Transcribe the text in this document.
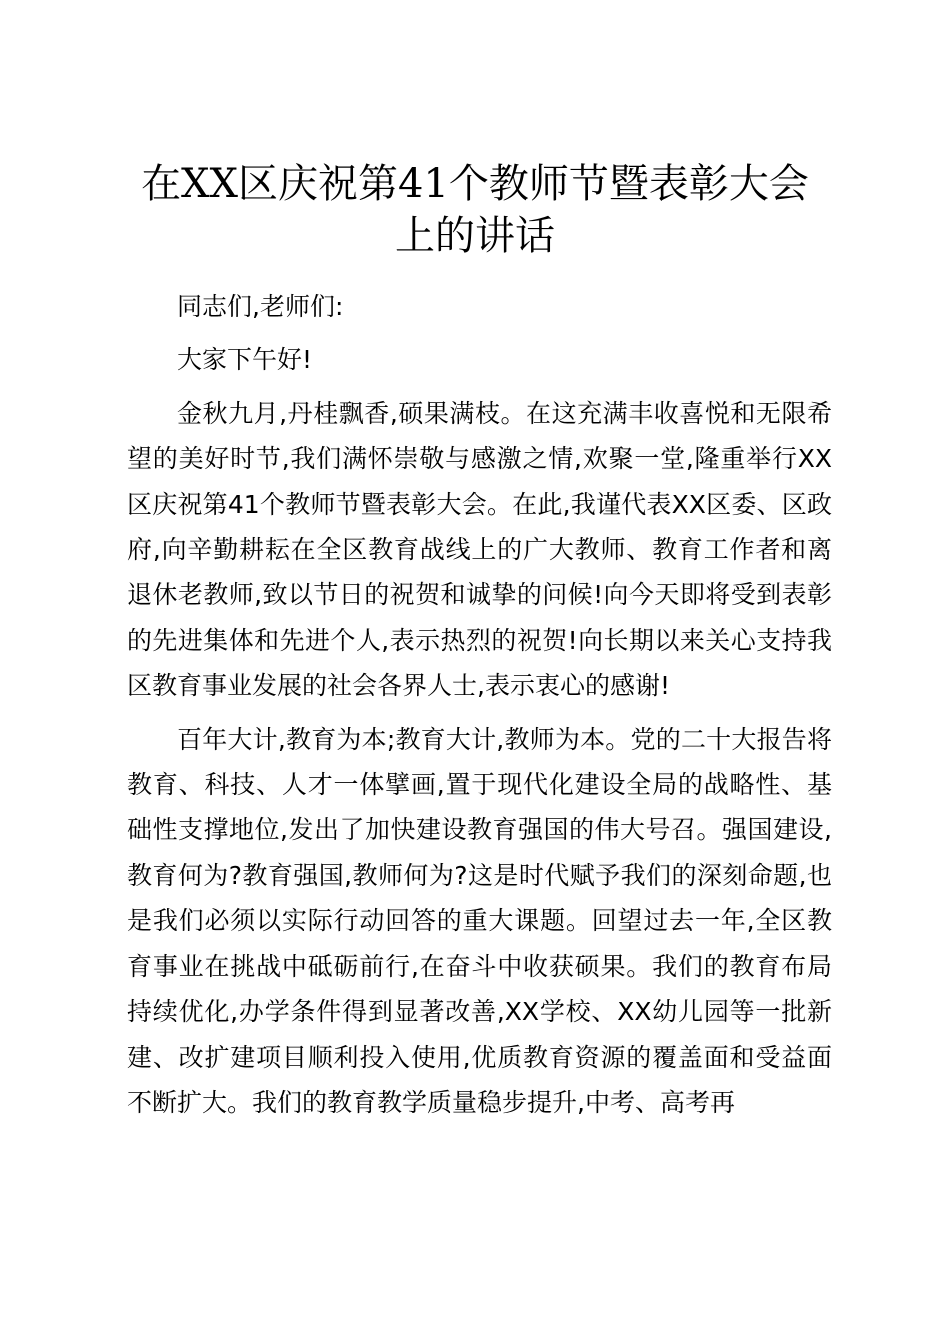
在XX区庆祝第41个教师节暨表彰大会
上的讲话

同志们,老师们:

大家下午好!

金秋九月,丹桂飘香,硕果满枝。在这充满丰收喜悦和无限希望的美好时节,我们满怀崇敬与感激之情,欢聚一堂,隆重举行XX区庆祝第41个教师节暨表彰大会。在此,我谨代表XX区委、区政府,向辛勤耕耘在全区教育战线上的广大教师、教育工作者和离退休老教师,致以节日的祝贺和诚挚的问候!向今天即将受到表彰的先进集体和先进个人,表示热烈的祝贺!向长期以来关心支持我区教育事业发展的社会各界人士,表示衷心的感谢!

百年大计,教育为本;教育大计,教师为本。党的二十大报告将教育、科技、人才一体擘画,置于现代化建设全局的战略性、基础性支撑地位,发出了加快建设教育强国的伟大号召。强国建设,教育何为?教育强国,教师何为?这是时代赋予我们的深刻命题,也是我们必须以实际行动回答的重大课题。回望过去一年,全区教育事业在挑战中砥砺前行,在奋斗中收获硕果。我们的教育布局持续优化,办学条件得到显著改善,XX学校、XX幼儿园等一批新建、改扩建项目顺利投入使用,优质教育资源的覆盖面和受益面不断扩大。我们的教育教学质量稳步提升,中考、高考再
